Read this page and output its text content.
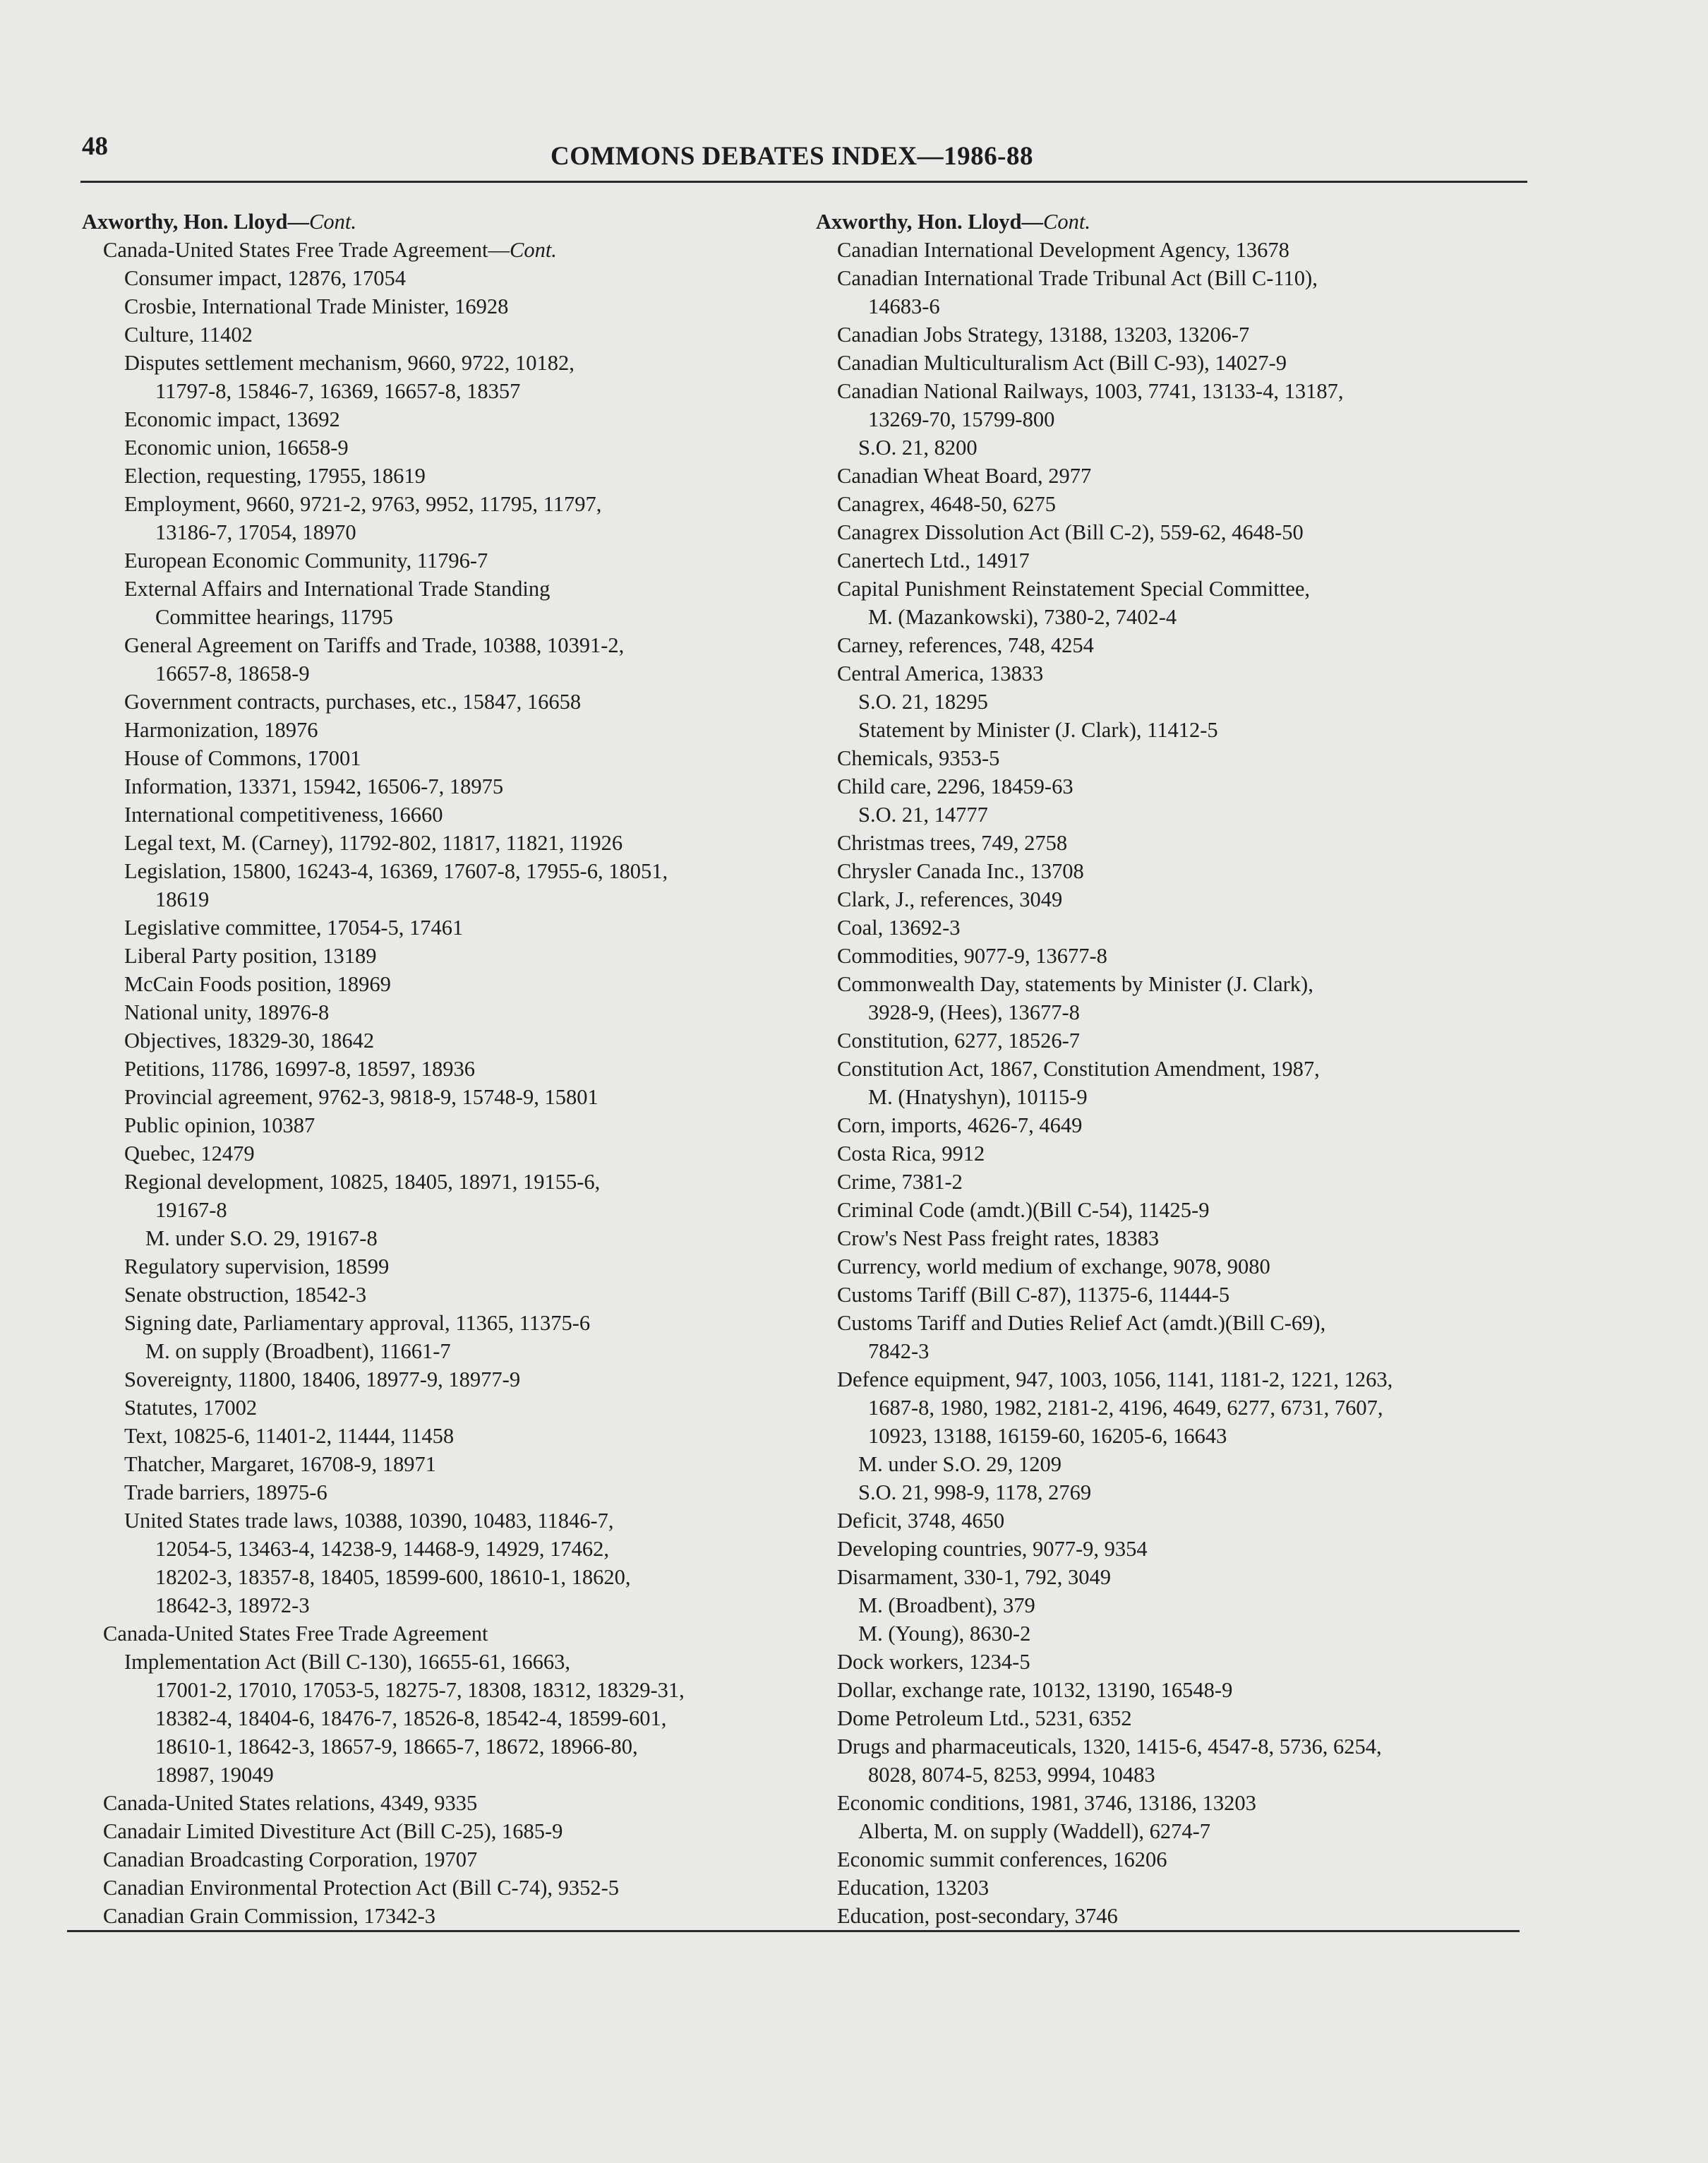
48	COMMONS DEBATES INDEX—1986-88
Axworthy, Hon. Lloyd—Cont.
Canada-United States Free Trade Agreement—Cont.
Consumer impact, 12876, 17054
Crosbie, International Trade Minister, 16928
Culture, 11402
Disputes settlement mechanism, 9660, 9722, 10182,
11797-8, 15846-7, 16369, 16657-8, 18357
Economic impact, 13692
Economic union, 16658-9
Election, requesting, 17955, 18619
Employment, 9660, 9721-2, 9763, 9952, 11795, 11797,
13186-7, 17054, 18970
European Economic Community, 11796-7
External Affairs and International Trade Standing
Committee hearings, 11795
General Agreement on Tariffs and Trade, 10388, 10391-2,
16657-8, 18658-9
Government contracts, purchases, etc., 15847, 16658
Harmonization, 18976
House of Commons, 17001
Information, 13371, 15942, 16506-7, 18975
International competitiveness, 16660
Legal text, M. (Carney), 11792-802, 11817, 11821, 11926
Legislation, 15800, 16243-4, 16369, 17607-8, 17955-6, 18051,
18619
Legislative committee, 17054-5, 17461
Liberal Party position, 13189
McCain Foods position, 18969
National unity, 18976-8
Objectives, 18329-30, 18642
Petitions, 11786, 16997-8, 18597, 18936
Provincial agreement, 9762-3, 9818-9, 15748-9, 15801
Public opinion, 10387
Quebec, 12479
Regional development, 10825, 18405, 18971, 19155-6,
19167-8
M. under S.O. 29, 19167-8
Regulatory supervision, 18599
Senate obstruction, 18542-3
Signing date, Parliamentary approval, 11365, 11375-6
M. on supply (Broadbent), 11661-7
Sovereignty, 11800, 18406, 18977-9, 18977-9
Statutes, 17002
Text, 10825-6, 11401-2, 11444, 11458
Thatcher, Margaret, 16708-9, 18971
Trade barriers, 18975-6
United States trade laws, 10388, 10390, 10483, 11846-7,
12054-5, 13463-4, 14238-9, 14468-9, 14929, 17462,
18202-3, 18357-8, 18405, 18599-600, 18610-1, 18620,
18642-3, 18972-3
Canada-United States Free Trade Agreement
Implementation Act (Bill C-130), 16655-61, 16663,
17001-2, 17010, 17053-5, 18275-7, 18308, 18312, 18329-31,
18382-4, 18404-6, 18476-7, 18526-8, 18542-4, 18599-601,
18610-1, 18642-3, 18657-9, 18665-7, 18672, 18966-80,
18987, 19049
Canada-United States relations, 4349, 9335
Canadair Limited Divestiture Act (Bill C-25), 1685-9
Canadian Broadcasting Corporation, 19707
Canadian Environmental Protection Act (Bill C-74), 9352-5
Canadian Grain Commission, 17342-3
Axworthy, Hon. Lloyd—Cont.
Canadian International Development Agency, 13678
Canadian International Trade Tribunal Act (Bill C-110),
14683-6
Canadian Jobs Strategy, 13188, 13203, 13206-7
Canadian Multiculturalism Act (Bill C-93), 14027-9
Canadian National Railways, 1003, 7741, 13133-4, 13187,
13269-70, 15799-800
S.O. 21, 8200
Canadian Wheat Board, 2977
Canagrex, 4648-50, 6275
Canagrex Dissolution Act (Bill C-2), 559-62, 4648-50
Canertech Ltd., 14917
Capital Punishment Reinstatement Special Committee,
M. (Mazankowski), 7380-2, 7402-4
Carney, references, 748, 4254
Central America, 13833
S.O. 21, 18295
Statement by Minister (J. Clark), 11412-5
Chemicals, 9353-5
Child care, 2296, 18459-63
S.O. 21, 14777
Christmas trees, 749, 2758
Chrysler Canada Inc., 13708
Clark, J., references, 3049
Coal, 13692-3
Commodities, 9077-9, 13677-8
Commonwealth Day, statements by Minister (J. Clark),
3928-9, (Hees), 13677-8
Constitution, 6277, 18526-7
Constitution Act, 1867, Constitution Amendment, 1987,
M. (Hnatyshyn), 10115-9
Corn, imports, 4626-7, 4649
Costa Rica, 9912
Crime, 7381-2
Criminal Code (amdt.)(Bill C-54), 11425-9
Crow's Nest Pass freight rates, 18383
Currency, world medium of exchange, 9078, 9080
Customs Tariff (Bill C-87), 11375-6, 11444-5
Customs Tariff and Duties Relief Act (amdt.)(Bill C-69),
7842-3
Defence equipment, 947, 1003, 1056, 1141, 1181-2, 1221, 1263,
1687-8, 1980, 1982, 2181-2, 4196, 4649, 6277, 6731, 7607,
10923, 13188, 16159-60, 16205-6, 16643
M. under S.O. 29, 1209
S.O. 21, 998-9, 1178, 2769
Deficit, 3748, 4650
Developing countries, 9077-9, 9354
Disarmament, 330-1, 792, 3049
M. (Broadbent), 379
M. (Young), 8630-2
Dock workers, 1234-5
Dollar, exchange rate, 10132, 13190, 16548-9
Dome Petroleum Ltd., 5231, 6352
Drugs and pharmaceuticals, 1320, 1415-6, 4547-8, 5736, 6254,
8028, 8074-5, 8253, 9994, 10483
Economic conditions, 1981, 3746, 13186, 13203
Alberta, M. on supply (Waddell), 6274-7
Economic summit conferences, 16206
Education, 13203
Education, post-secondary, 3746
